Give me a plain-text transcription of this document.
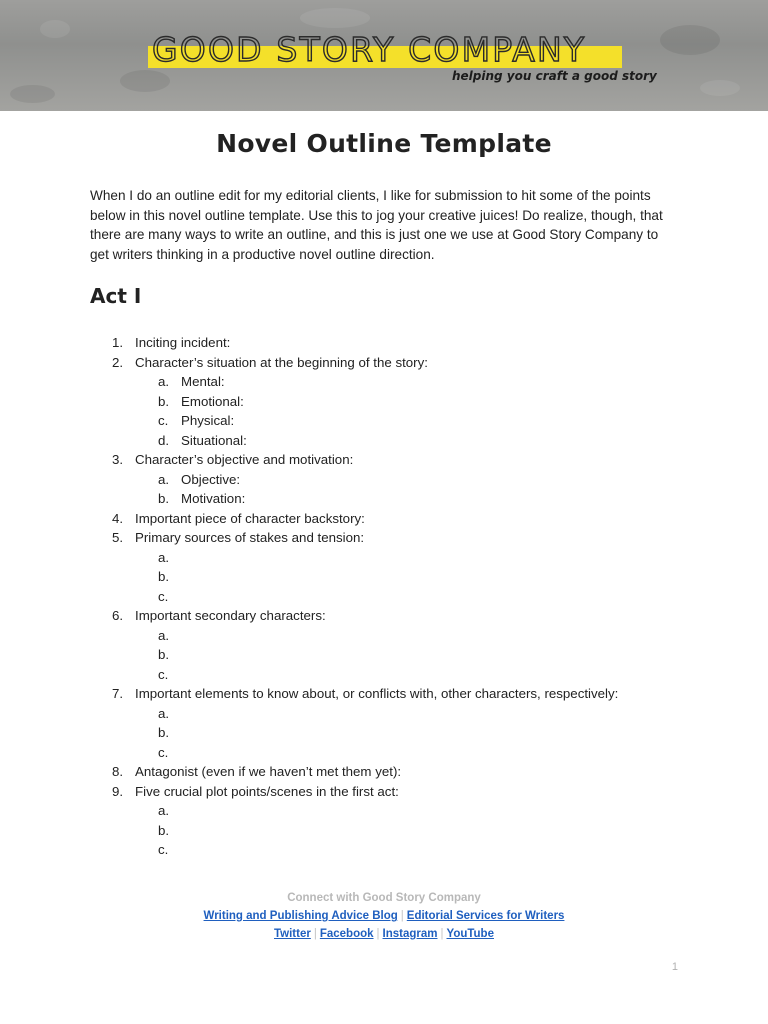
GOOD STORY COMPANY
helping you craft a good story
Novel Outline Template
When I do an outline edit for my editorial clients, I like for submission to hit some of the points below in this novel outline template. Use this to jog your creative juices! Do realize, though, that there are many ways to write an outline, and this is just one we use at Good Story Company to get writers thinking in a productive novel outline direction.
Act I
1. Inciting incident:
2. Character’s situation at the beginning of the story:
a. Mental:
b. Emotional:
c. Physical:
d. Situational:
3. Character’s objective and motivation:
a. Objective:
b. Motivation:
4. Important piece of character backstory:
5. Primary sources of stakes and tension:
a.
b.
c.
6. Important secondary characters:
a.
b.
c.
7. Important elements to know about, or conflicts with, other characters, respectively:
a.
b.
c.
8. Antagonist (even if we haven’t met them yet):
9. Five crucial plot points/scenes in the first act:
a.
b.
c.
Connect with Good Story Company
Writing and Publishing Advice Blog | Editorial Services for Writers
Twitter | Facebook | Instagram | YouTube
1
